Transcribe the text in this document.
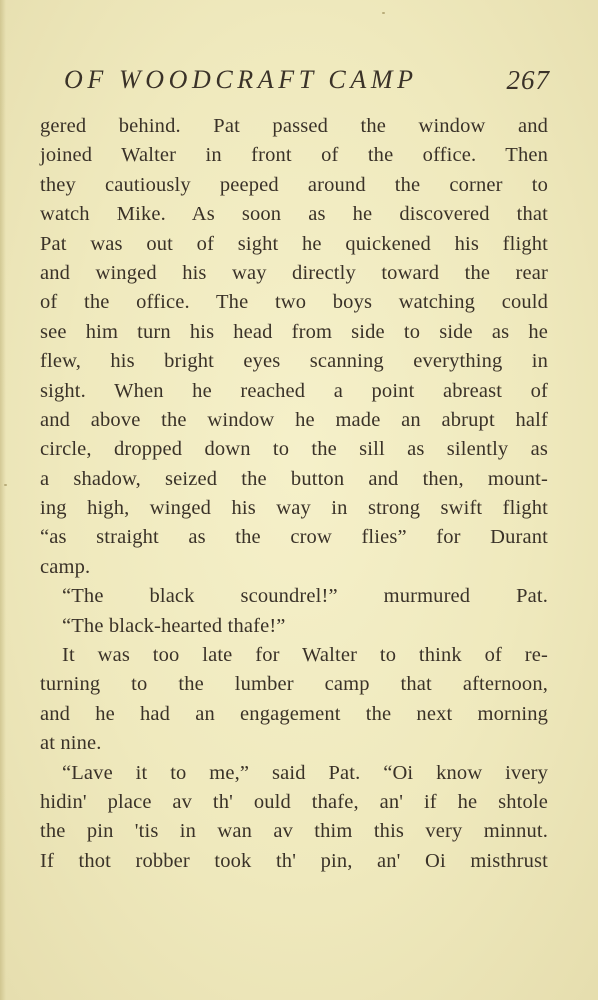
OF WOODCRAFT CAMP	267
gered behind. Pat passed the window and
joined Walter in front of the office. Then
they cautiously peeped around the corner to
watch Mike. As soon as he discovered that
Pat was out of sight he quickened his flight
and winged his way directly toward the rear
of the office. The two boys watching could
see him turn his head from side to side as he
flew, his bright eyes scanning everything in
sight. When he reached a point abreast of
and above the window he made an abrupt half
circle, dropped down to the sill as silently as
a shadow, seized the button and then, mount-
ing high, winged his way in strong swift flight
“as straight as the crow flies” for Durant
camp.
“The black scoundrel!” murmured Pat.
“The black-hearted thafe!”
It was too late for Walter to think of re-
turning to the lumber camp that afternoon,
and he had an engagement the next morning
at nine.
“Lave it to me,” said Pat. “Oi know ivery
hidin' place av th' ould thafe, an' if he shtole
the pin 'tis in wan av thim this very minnut.
If thot robber took th' pin, an' Oi misthrust
